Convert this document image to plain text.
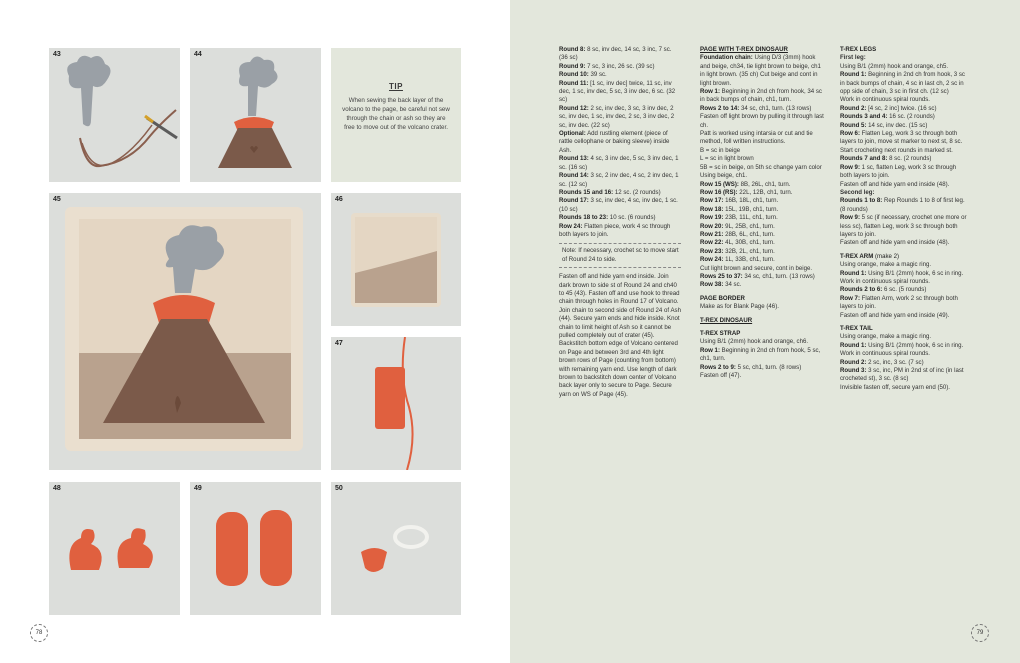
43	44
TIP
When sewing the back layer of the volcano to the page, be careful not sew through the chain or ash so they are free to move out of the volcano crater.
45	46
47
48	49	50
78

Round 8: 8 sc, inv dec, 14 sc, 3 inc, 7 sc. (36 sc)

Round 9: 7 sc, 3 inc, 26 sc. (39 sc)

Round 10: 39 sc.

Round 11: [1 sc, inv dec] twice, 11 sc, inv dec, 1 sc, inv dec, 5 sc, 3 inv dec, 6 sc. (32 sc)

Round 12: 2 sc, inv dec, 3 sc, 3 inv dec, 2 sc, inv dec, 1 sc, inv dec, 2 sc, 3 inv dec, 2 sc, inv dec. (22 sc)

Optional: Add rustling element (piece of rattle cellophane or baking sleeve) inside Ash.

Round 13: 4 sc, 3 inv dec, 5 sc, 3 inv dec, 1 sc. (16 sc)

Round 14: 3 sc, 2 inv dec, 4 sc, 2 inv dec, 1 sc. (12 sc)

Rounds 15 and 16: 12 sc. (2 rounds)

Round 17: 3 sc, inv dec, 4 sc, inv dec, 1 sc. (10 sc)

Rounds 18 to 23: 10 sc. (6 rounds)

Row 24: Flatten piece, work 4 sc through both layers to join.

Note: If necessary, crochet sc to move start of Round 24 to side.

Fasten off and hide yarn end inside. Join dark brown to side st of Round 24 and ch40 to 45 (43). Fasten off and use hook to thread chain through holes in Round 17 of Volcano. Join chain to second side of Round 24 of Ash (44). Secure yarn ends and hide inside. Knot chain to limit height of Ash so it cannot be pulled completely out of crater (45). Backstitch bottom edge of Volcano centered on Page and between 3rd and 4th light brown rows of Page (counting from bottom) with remaining yarn end. Use length of dark brown to backstitch down center of Volcano back layer only to secure to Page. Secure yarn on WS of Page (45).

PAGE WITH T-REX DINOSAUR

Foundation chain: Using D/3 (3mm) hook and beige, ch34, tie light brown to beige, ch1 in light brown. (35 ch) Cut beige and cont in light brown.

Row 1: Beginning in 2nd ch from hook, 34 sc in back bumps of chain, ch1, turn.

Rows 2 to 14: 34 sc, ch1, turn. (13 rows)

Fasten off light brown by pulling it through last ch.

Patt is worked using intarsia or cut and tie method, foll written instructions.

B = sc in beige

L = sc in light brown

5B = sc in beige, on 5th sc change yarn color

Using beige, ch1.

Row 15 (WS): 8B, 26L, ch1, turn.

Row 16 (RS): 22L, 12B, ch1, turn.

Row 17: 16B, 18L, ch1, turn.

Row 18: 15L, 19B, ch1, turn.

Row 19: 23B, 11L, ch1, turn.

Row 20: 9L, 25B, ch1, turn.

Row 21: 28B, 6L, ch1, turn.

Row 22: 4L, 30B, ch1, turn.

Row 23: 32B, 2L, ch1, turn.

Row 24: 1L, 33B, ch1, turn.

Cut light brown and secure, cont in beige.

Rows 25 to 37: 34 sc, ch1, turn. (13 rows)

Row 38: 34 sc.

PAGE BORDER

Make as for Blank Page (46).

T-REX DINOSAUR

T-REX STRAP

Using B/1 (2mm) hook and orange, ch6.

Row 1: Beginning in 2nd ch from hook, 5 sc, ch1, turn.

Rows 2 to 9: 5 sc, ch1, turn. (8 rows)

Fasten off (47).

T-REX LEGS

First leg:

Using B/1 (2mm) hook and orange, ch5.

Round 1: Beginning in 2nd ch from hook, 3 sc in back bumps of chain, 4 sc in last ch, 2 sc in opp side of chain, 3 sc in first ch. (12 sc)

Work in continuous spiral rounds.

Round 2: [4 sc, 2 inc] twice. (16 sc)

Rounds 3 and 4: 16 sc. (2 rounds)

Round 5: 14 sc, inv dec. (15 sc)

Row 6: Flatten Leg, work 3 sc through both layers to join, move st marker to next st, 8 sc. Start crocheting next rounds in marked st.

Rounds 7 and 8: 8 sc. (2 rounds)

Row 9: 1 sc, flatten Leg, work 3 sc through both layers to join.

Fasten off and hide yarn end inside (48).

Second leg:

Rounds 1 to 8: Rep Rounds 1 to 8 of first leg. (8 rounds)

Row 9: 5 sc (if necessary, crochet one more or less sc), flatten Leg, work 3 sc through both layers to join.

Fasten off and hide yarn end inside (48).

T-REX ARM (make 2)

Using orange, make a magic ring.

Round 1: Using B/1 (2mm) hook, 6 sc in ring.

Work in continuous spiral rounds.

Rounds 2 to 6: 6 sc. (5 rounds)

Row 7: Flatten Arm, work 2 sc through both layers to join.

Fasten off and hide yarn end inside (49).

T-REX TAIL

Using orange, make a magic ring.

Round 1: Using B/1 (2mm) hook, 6 sc in ring.

Work in continuous spiral rounds.

Round 2: 2 sc, inc, 3 sc. (7 sc)

Round 3: 3 sc, inc, PM in 2nd st of inc (in last crocheted st), 3 sc. (8 sc)

Invisible fasten off, secure yarn end (50).

79
